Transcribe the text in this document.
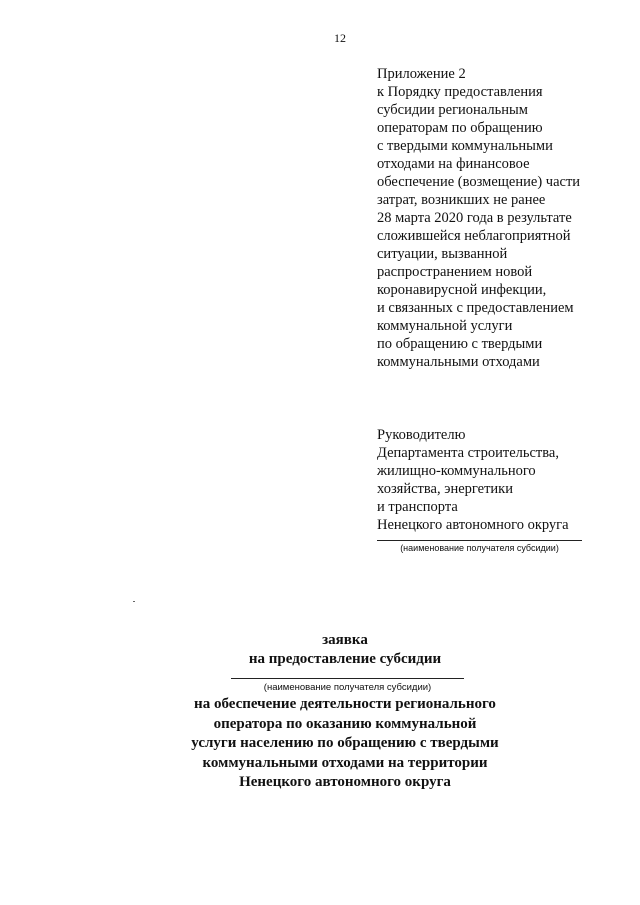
12
Приложение 2
к Порядку предоставления
субсидии региональным
операторам по обращению
с твердыми коммунальными
отходами на финансовое
обеспечение (возмещение) части
затрат, возникших не ранее
28 марта 2020 года в результате
сложившейся неблагоприятной
ситуации, вызванной
распространением новой
коронавирусной инфекции,
и связанных с предоставлением
коммунальной услуги
по обращению с твердыми
коммунальными отходами
Руководителю
Департамента строительства,
жилищно-коммунального
хозяйства, энергетики
и транспорта
Ненецкого автономного округа
(наименование получателя субсидии)
заявка
на предоставление субсидии
(наименование получателя субсидии)
на обеспечение деятельности регионального
оператора по оказанию коммунальной
услуги населению по обращению с твердыми
коммунальными отходами на территории
Ненецкого автономного округа
